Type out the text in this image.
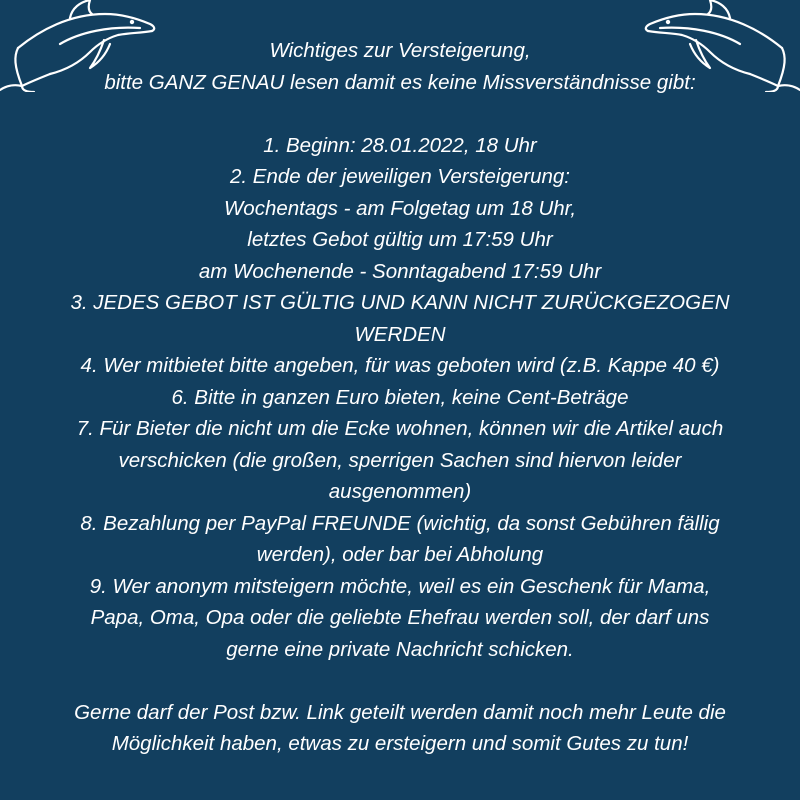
Wichtiges zur Versteigerung,
bitte GANZ GENAU lesen damit es keine Missverständnisse gibt:
1. Beginn: 28.01.2022, 18 Uhr
2. Ende der jeweiligen Versteigerung:
Wochentags - am Folgetag um 18 Uhr,
letztes Gebot gültig um 17:59 Uhr
am Wochenende - Sonntagabend 17:59 Uhr
3. JEDES GEBOT IST GÜLTIG UND KANN NICHT ZURÜCKGEZOGEN
WERDEN
4. Wer mitbietet bitte angeben, für was geboten wird (z.B. Kappe 40 €)
6. Bitte in ganzen Euro bieten, keine Cent-Beträge
7. Für Bieter die nicht um die Ecke wohnen, können wir die Artikel auch
verschicken (die großen, sperrigen Sachen sind hiervon leider
ausgenommen)
8. Bezahlung per PayPal FREUNDE (wichtig, da sonst Gebühren fällig
werden), oder bar bei Abholung
9. Wer anonym mitsteigern möchte, weil es ein Geschenk für Mama,
Papa, Oma, Opa oder die geliebte Ehefrau werden soll, der darf uns
gerne eine private Nachricht schicken.
Gerne darf der Post bzw. Link geteilt werden damit noch mehr Leute die
Möglichkeit haben, etwas zu ersteigern und somit Gutes zu tun!
